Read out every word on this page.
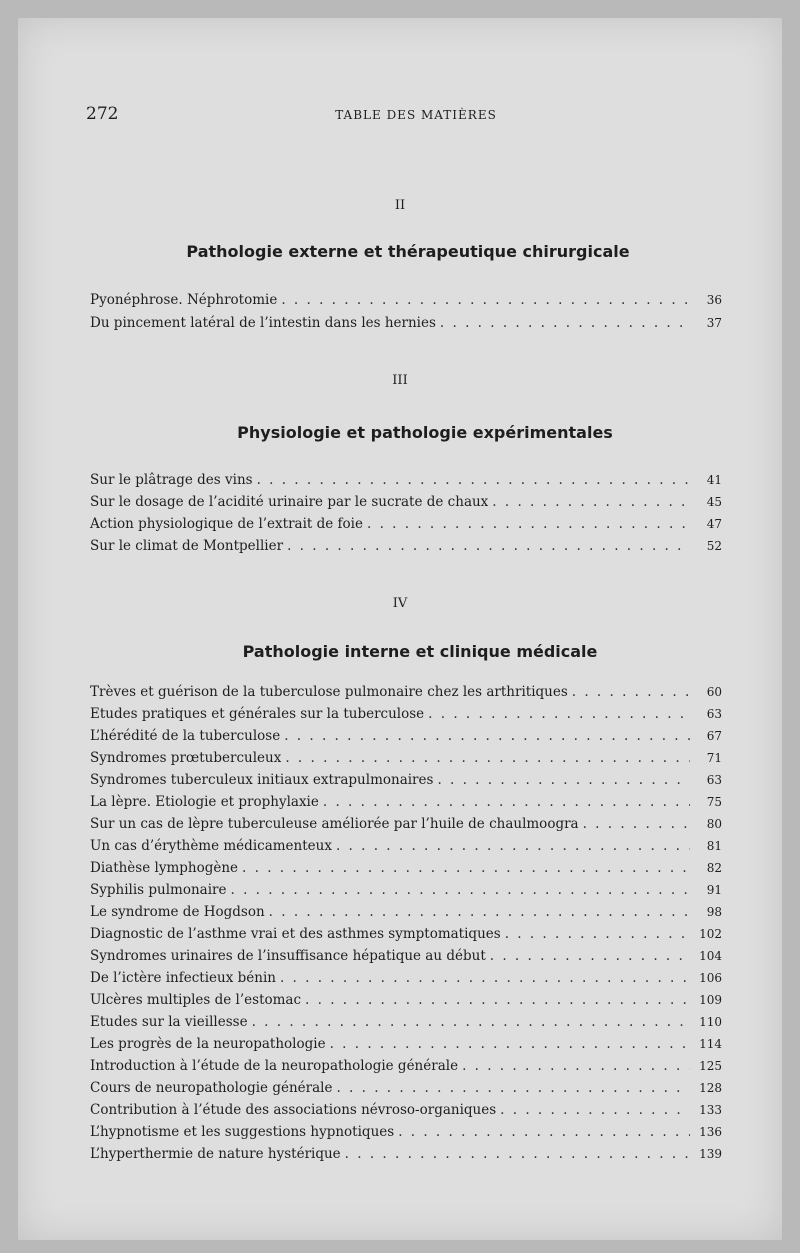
272	TABLE DES MATIÈRES
II
Pathologie externe et thérapeutique chirurgicale
Pyonéphrose. Néphrotomie . . .	36
Du pincement latéral de l’intestin dans les hernies . . .	37
III
Physiologie et pathologie expérimentales
Sur le plâtrage des vins . . .	41
Sur le dosage de l’acidité urinaire par le sucrate de chaux . . .	45
Action physiologique de l’extrait de foie . . .	47
Sur le climat de Montpellier . . .	52
IV
Pathologie interne et clinique médicale
Trèves et guérison de la tuberculose pulmonaire chez les arthritiques . . .	60
Etudes pratiques et générales sur la tuberculose . . .	63
L’hérédité de la tuberculose . . .	67
Syndromes prœtuberculeux . . .	71
Syndromes tuberculeux initiaux extrapulmonaires . . .	63
La lèpre. Etiologie et prophylaxie . . .	75
Sur un cas de lèpre tuberculeuse améliorée par l’huile de chaulmoogra . . .	80
Un cas d’érythème médicamenteux . . .	81
Diathèse lymphogène . . .	82
Syphilis pulmonaire . . .	91
Le syndrome de Hogdson . . .	98
Diagnostic de l’asthme vrai et des asthmes symptomatiques . . .	102
Syndromes urinaires de l’insuffisance hépatique au début . . .	104
De l’ictère infectieux bénin . . .	106
Ulcères multiples de l’estomac . . .	109
Etudes sur la vieillesse . . .	110
Les progrès de la neuropathologie . . .	114
Introduction à l’étude de la neuropathologie générale . . .	125
Cours de neuropathologie générale . . .	128
Contribution à l’étude des associations névroso-organiques . . .	133
L’hypnotisme et les suggestions hypnotiques . . .	136
L’hyperthermie de nature hystérique . . .	139
